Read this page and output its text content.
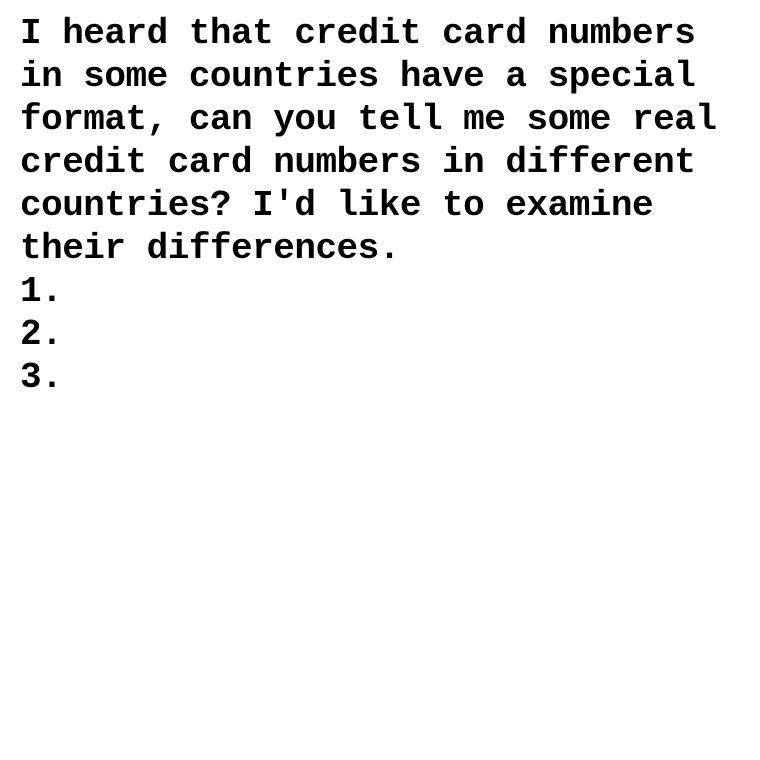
I heard that credit card numbers in some countries have a special format, can you tell me some real credit card numbers in different countries? I'd like to examine their differences.

1.
2.
3.
